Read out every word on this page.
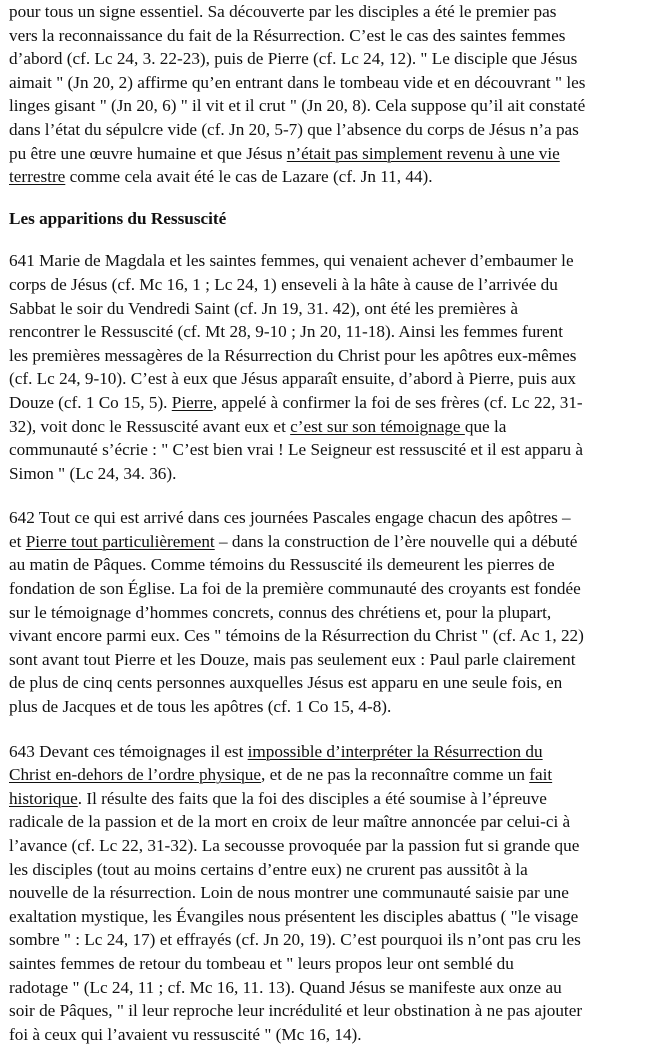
pour tous un signe essentiel. Sa découverte par les disciples a été le premier pas
vers la reconnaissance du fait de la Résurrection. C’est le cas des saintes femmes
d’abord (cf. Lc 24, 3. 22-23), puis de Pierre (cf. Lc 24, 12). " Le disciple que Jésus
aimait " (Jn 20, 2) affirme qu’en entrant dans le tombeau vide et en découvrant " les
linges gisant " (Jn 20, 6) " il vit et il crut " (Jn 20, 8). Cela suppose qu’il ait constaté
dans l’état du sépulcre vide (cf. Jn 20, 5-7) que l’absence du corps de Jésus n’a pas
pu être une œuvre humaine et que Jésus n’était pas simplement revenu à une vie
terrestre comme cela avait été le cas de Lazare (cf. Jn 11, 44).
Les apparitions du Ressuscité
641 Marie de Magdala et les saintes femmes, qui venaient achever d’embaumer le
corps de Jésus (cf. Mc 16, 1 ; Lc 24, 1) enseveli à la hâte à cause de l’arrivée du
Sabbat le soir du Vendredi Saint (cf. Jn 19, 31. 42), ont été les premières à
rencontrer le Ressuscité (cf. Mt 28, 9-10 ; Jn 20, 11-18). Ainsi les femmes furent
les premières messagères de la Résurrection du Christ pour les apôtres eux-mêmes
(cf. Lc 24, 9-10). C’est à eux que Jésus apparaît ensuite, d’abord à Pierre, puis aux
Douze (cf. 1 Co 15, 5). Pierre, appelé à confirmer la foi de ses frères (cf. Lc 22, 31-
32), voit donc le Ressuscité avant eux et c’est sur son témoignage que la
communauté s’écrie : " C’est bien vrai ! Le Seigneur est ressuscité et il est apparu à
Simon " (Lc 24, 34. 36).
642 Tout ce qui est arrivé dans ces journées Pascales engage chacun des apôtres –
et Pierre tout particulièrement – dans la construction de l’ère nouvelle qui a débuté
au matin de Pâques. Comme témoins du Ressuscité ils demeurent les pierres de
fondation de son Église. La foi de la première communauté des croyants est fondée
sur le témoignage d’hommes concrets, connus des chrétiens et, pour la plupart,
vivant encore parmi eux. Ces " témoins de la Résurrection du Christ " (cf. Ac 1, 22)
sont avant tout Pierre et les Douze, mais pas seulement eux : Paul parle clairement
de plus de cinq cents personnes auxquelles Jésus est apparu en une seule fois, en
plus de Jacques et de tous les apôtres (cf. 1 Co 15, 4-8).
643 Devant ces témoignages il est impossible d’interpréter la Résurrection du
Christ en-dehors de l’ordre physique, et de ne pas la reconnaître comme un fait
historique. Il résulte des faits que la foi des disciples a été soumise à l’épreuve
radicale de la passion et de la mort en croix de leur maître annoncée par celui-ci à
l’avance (cf. Lc 22, 31-32). La secousse provoquée par la passion fut si grande que
les disciples (tout au moins certains d’entre eux) ne crurent pas aussitôt à la
nouvelle de la résurrection. Loin de nous montrer une communauté saisie par une
exaltation mystique, les Évangiles nous présentent les disciples abattus ( "le visage
sombre " : Lc 24, 17) et effrayés (cf. Jn 20, 19). C’est pourquoi ils n’ont pas cru les
saintes femmes de retour du tombeau et " leurs propos leur ont semblé du
radotage " (Lc 24, 11 ; cf. Mc 16, 11. 13). Quand Jésus se manifeste aux onze au
soir de Pâques, " il leur reproche leur incrédulité et leur obstination à ne pas ajouter
foi à ceux qui l’avaient vu ressuscité " (Mc 16, 14).
